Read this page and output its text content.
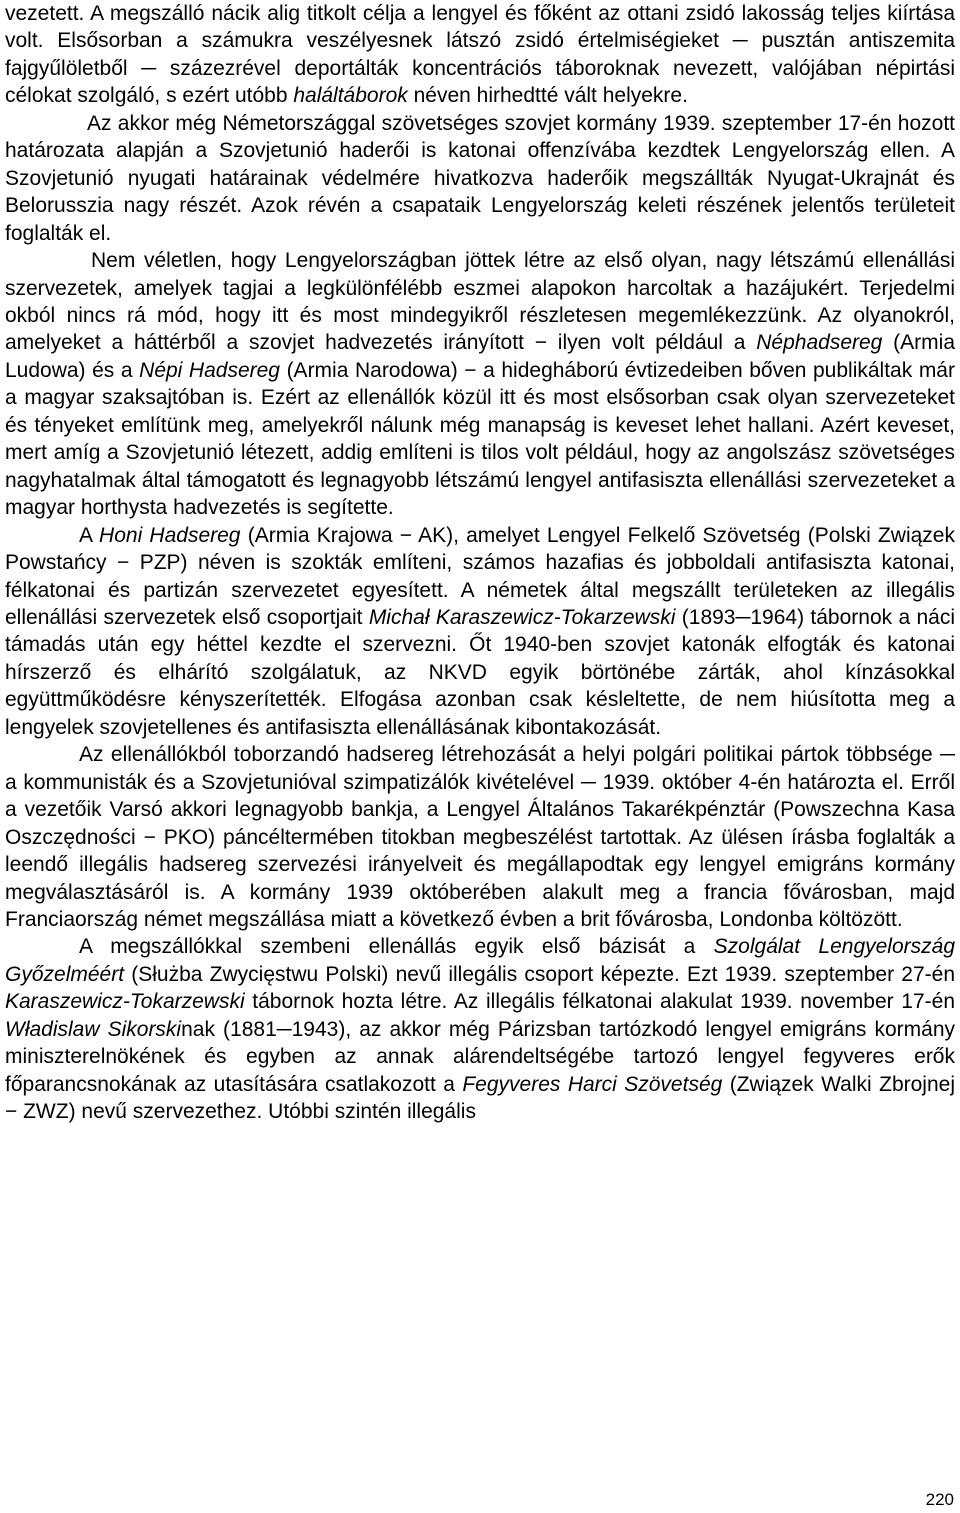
vezetett. A megszálló nácik alig titkolt célja a lengyel és főként az ottani zsidó lakosság teljes kiírtása volt. Elsősorban a számukra veszélyesnek látszó zsidó értelmiségieket ─ pusztán antiszemita fajgyűlöletből ─ százezrével deportálták koncentrációs táboroknak nevezett, valójában népirtási célokat szolgáló, s ezért utóbb haláltáborok néven hirhedtté vált helyekre.

Az akkor még Németországgal szövetséges szovjet kormány 1939. szeptember 17-én hozott határozata alapján a Szovjetunió haderői is katonai offenzívába kezdtek Lengyelország ellen. A Szovjetunió nyugati határainak védelmére hivatkozva haderőik megszállták Nyugat-Ukrajnát és Belorusszia nagy részét. Azok révén a csapataik Lengyelország keleti részének jelentős területeit foglalták el.

Nem véletlen, hogy Lengyelországban jöttek létre az első olyan, nagy létszámú ellenállási szervezetek, amelyek tagjai a legkülönfélébb eszmei alapokon harcoltak a hazájukért. Terjedelmi okból nincs rá mód, hogy itt és most mindegyikről részletesen megemlékezzünk. Az olyanokról, amelyeket a háttérből a szovjet hadvezetés irányított − ilyen volt például a Néphadsereg (Armia Ludowa) és a Népi Hadsereg (Armia Narodowa) − a hidegháború évtizedeiben bőven publikáltak már a magyar szaksajtóban is. Ezért az ellenállók közül itt és most elsősorban csak olyan szervezeteket és tényeket említünk meg, amelyekről nálunk még manapság is keveset lehet hallani. Azért keveset, mert amíg a Szovjetunió létezett, addig említeni is tilos volt például, hogy az angolszász szövetséges nagyhatalmak által támogatott és legnagyobb létszámú lengyel antifasiszta ellenállási szervezeteket a magyar horthysta hadvezetés is segítette.

A Honi Hadsereg (Armia Krajowa − AK), amelyet Lengyel Felkelő Szövetség (Polski Związek Powstańcy − PZP) néven is szokták említeni, számos hazafias és jobboldali antifasiszta katonai, félkatonai és partizán szervezetet egyesített. A németek által megszállt területeken az illegális ellenállási szervezetek első csoportjait Michał Karaszewicz-Tokarzewski (1893─1964) tábornok a náci támadás után egy héttel kezdte el szervezni. Őt 1940-ben szovjet katonák elfogták és katonai hírszerző és elhárító szolgálatuk, az NKVD egyik börtönébe zárták, ahol kínzásokkal együttműködésre kényszerítették. Elfogása azonban csak késleltette, de nem hiúsította meg a lengyelek szovjetellenes és antifasiszta ellenállásának kibontakozását.

Az ellenállókból toborzandó hadsereg létrehozását a helyi polgári politikai pártok többsége ─ a kommunisták és a Szovjetunióval szimpatizálók kivételével ─ 1939. október 4-én határozta el. Erről a vezetőik Varsó akkori legnagyobb bankja, a Lengyel Általános Takarékpénztár (Powszechna Kasa Oszczędności − PKO) páncéltermében titokban megbeszélést tartottak. Az ülésen írásba foglalták a leendő illegális hadsereg szervezési irányelveit és megállapodtak egy lengyel emigráns kormány megválasztásáról is. A kormány 1939 októberében alakult meg a francia fővárosban, majd Franciaország német megszállása miatt a következő évben a brit fővárosba, Londonba költözött.

A megszállókkal szembeni ellenállás egyik első bázisát a Szolgálat Lengyelország Győzelméért (Służba Zwycięstwu Polski) nevű illegális csoport képezte. Ezt 1939. szeptember 27-én Karaszewicz-Tokarzewski tábornok hozta létre. Az illegális félkatonai alakulat 1939. november 17-én Władislaw Sikorskinak (1881─1943), az akkor még Párizsban tartózkodó lengyel emigráns kormány miniszterelnökének és egyben az annak alárendeltségébe tartozó lengyel fegyveres erők főparancsnokának az utasítására csatlakozott a Fegyveres Harci Szövetség (Związek Walki Zbrojnej − ZWZ) nevű szervezethez. Utóbbi szintén illegális

220
